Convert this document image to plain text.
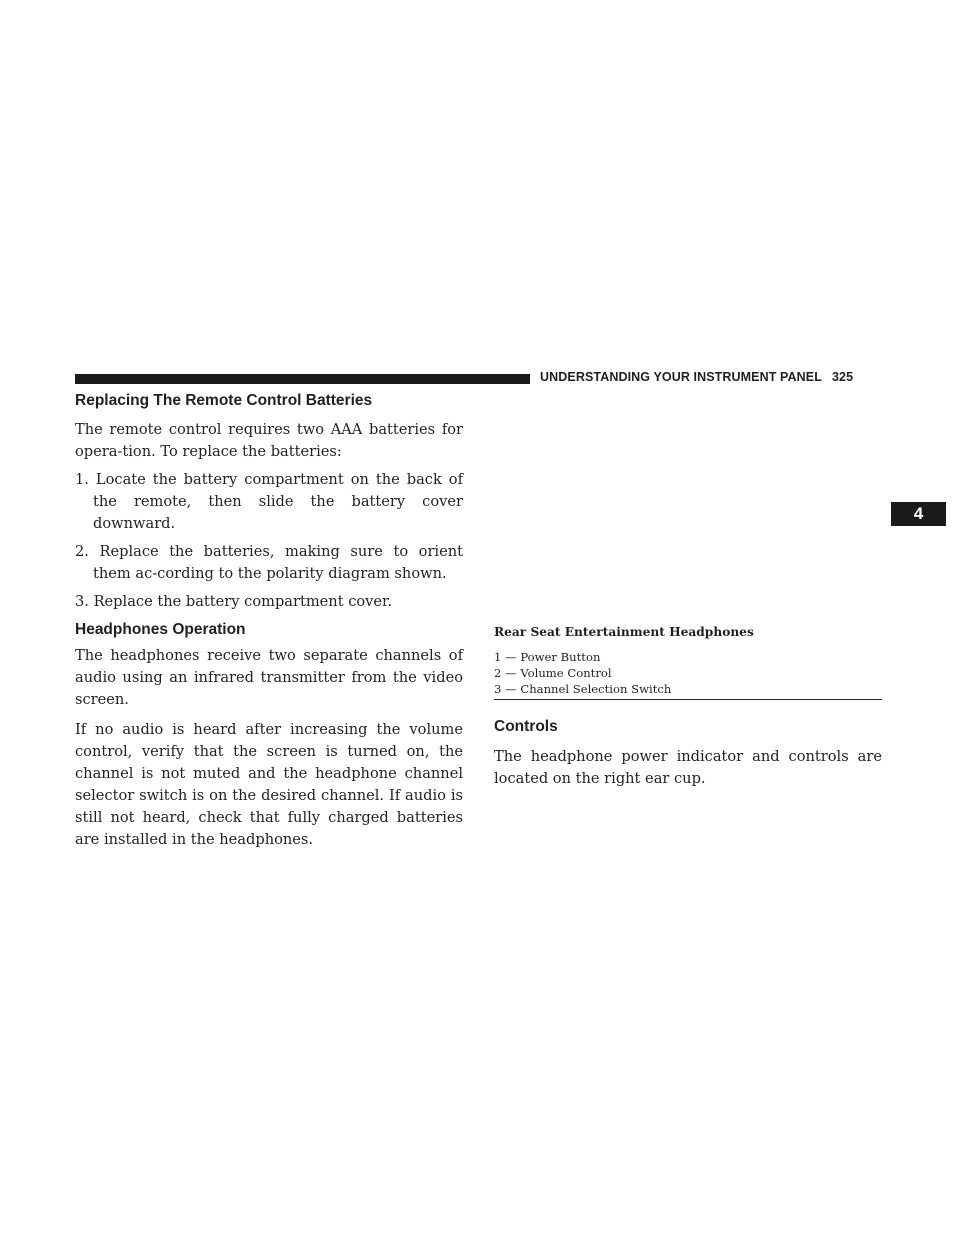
UNDERSTANDING YOUR INSTRUMENT PANEL 325
4
Replacing The Remote Control Batteries

The remote control requires two AAA batteries for opera-tion. To replace the batteries:

1. Locate the battery compartment on the back of the remote, then slide the battery cover downward.

2. Replace the batteries, making sure to orient them ac-cording to the polarity diagram shown.

3. Replace the battery compartment cover.

Headphones Operation

The headphones receive two separate channels of audio using an infrared transmitter from the video screen.

If no audio is heard after increasing the volume control, verify that the screen is turned on, the channel is not muted and the headphone channel selector switch is on the desired channel. If audio is still not heard, check that fully charged batteries are installed in the headphones.

Rear Seat Entertainment Headphones

1 — Power Button

2 — Volume Control

3 — Channel Selection Switch

Controls

The headphone power indicator and controls are located on the right ear cup.
